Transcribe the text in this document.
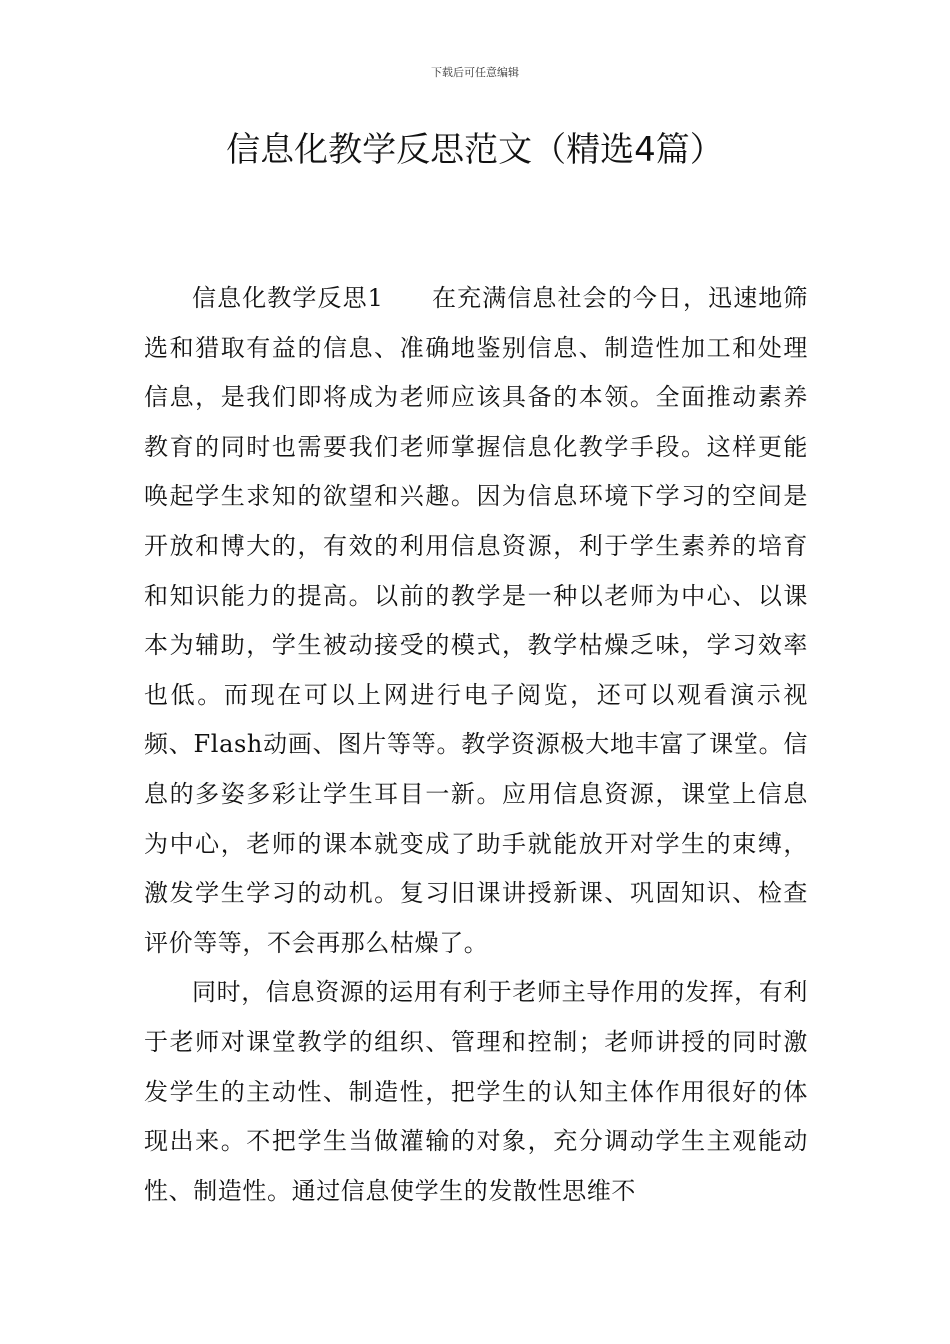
下载后可任意编辑
信息化教学反思范文（精选4篇）

信息化教学反思1 在充满信息社会的今日，迅速地筛选和猎取有益的信息、准确地鉴别信息、制造性加工和处理信息，是我们即将成为老师应该具备的本领。全面推动素养教育的同时也需要我们老师掌握信息化教学手段。这样更能唤起学生求知的欲望和兴趣。因为信息环境下学习的空间是开放和博大的，有效的利用信息资源，利于学生素养的培育和知识能力的提高。以前的教学是一种以老师为中心、以课本为辅助，学生被动接受的模式，教学枯燥乏味，学习效率也低。而现在可以上网进行电子阅览，还可以观看演示视频、Flash动画、图片等等。教学资源极大地丰富了课堂。信息的多姿多彩让学生耳目一新。应用信息资源，课堂上信息为中心，老师的课本就变成了助手就能放开对学生的束缚，激发学生学习的动机。复习旧课讲授新课、巩固知识、检查评价等等，不会再那么枯燥了。

同时，信息资源的运用有利于老师主导作用的发挥，有利于老师对课堂教学的组织、管理和控制；老师讲授的同时激发学生的主动性、制造性，把学生的认知主体作用很好的体现出来。不把学生当做灌输的对象，充分调动学生主观能动性、制造性。通过信息使学生的发散性思维不
